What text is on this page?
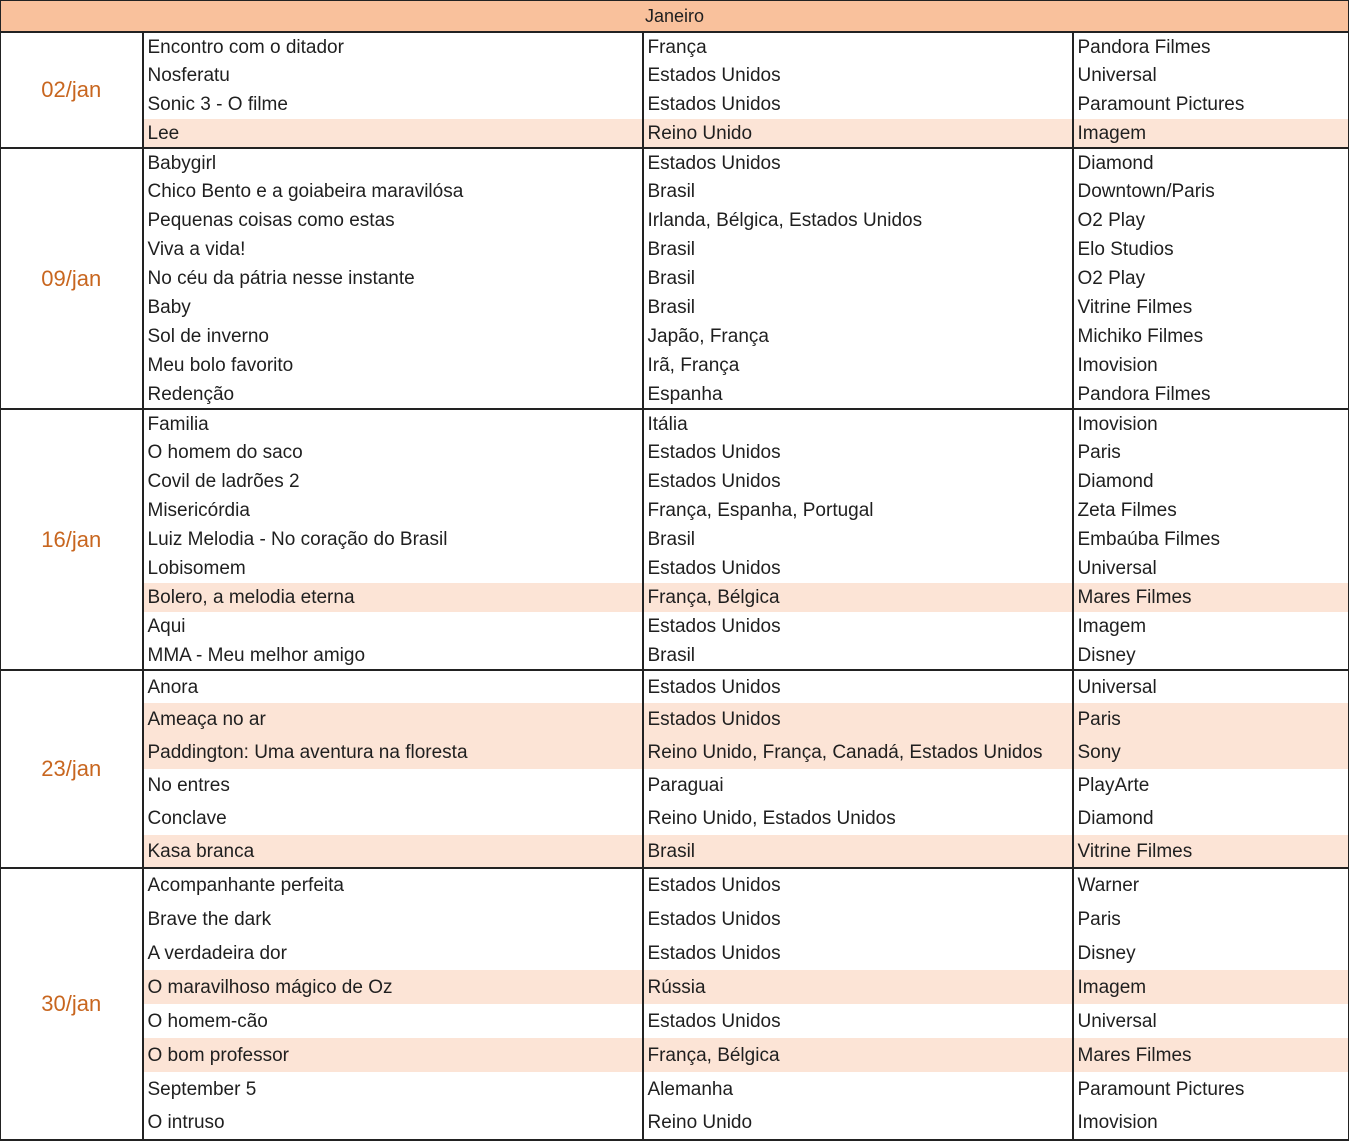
Janeiro			
02/jan	Encontro com o ditador	França	Pandora Filmes
	Nosferatu	Estados Unidos	Universal
	Sonic 3 - O filme	Estados Unidos	Paramount Pictures
	Lee	Reino Unido	Imagem
09/jan	Babygirl	Estados Unidos	Diamond
	Chico Bento e a goiabeira maravilósa	Brasil	Downtown/Paris
	Pequenas coisas como estas	Irlanda, Bélgica, Estados Unidos	O2 Play
	Viva a vida!	Brasil	Elo Studios
	No céu da pátria nesse instante	Brasil	O2 Play
	Baby	Brasil	Vitrine Filmes
	Sol de inverno	Japão, França	Michiko Filmes
	Meu bolo favorito	Irã, França	Imovision
	Redenção	Espanha	Pandora Filmes
16/jan	Familia	Itália	Imovision
	O homem do saco	Estados Unidos	Paris
	Covil de ladrões 2	Estados Unidos	Diamond
	Misericórdia	França, Espanha, Portugal	Zeta Filmes
	Luiz Melodia - No coração do Brasil	Brasil	Embaúba Filmes
	Lobisomem	Estados Unidos	Universal
	Bolero, a melodia eterna	França, Bélgica	Mares Filmes
	Aqui	Estados Unidos	Imagem
	MMA - Meu melhor amigo	Brasil	Disney
23/jan	Anora	Estados Unidos	Universal
	Ameaça no ar	Estados Unidos	Paris
	Paddington: Uma aventura na floresta	Reino Unido, França, Canadá, Estados Unidos	Sony
	No entres	Paraguai	PlayArte
	Conclave	Reino Unido, Estados Unidos	Diamond
	Kasa branca	Brasil	Vitrine Filmes
30/jan	Acompanhante perfeita	Estados Unidos	Warner
	Brave the dark	Estados Unidos	Paris
	A verdadeira dor	Estados Unidos	Disney
	O maravilhoso mágico de Oz	Rússia	Imagem
	O homem-cão	Estados Unidos	Universal
	O bom professor	França, Bélgica	Mares Filmes
	September 5	Alemanha	Paramount Pictures
	O intruso	Reino Unido	Imovision
